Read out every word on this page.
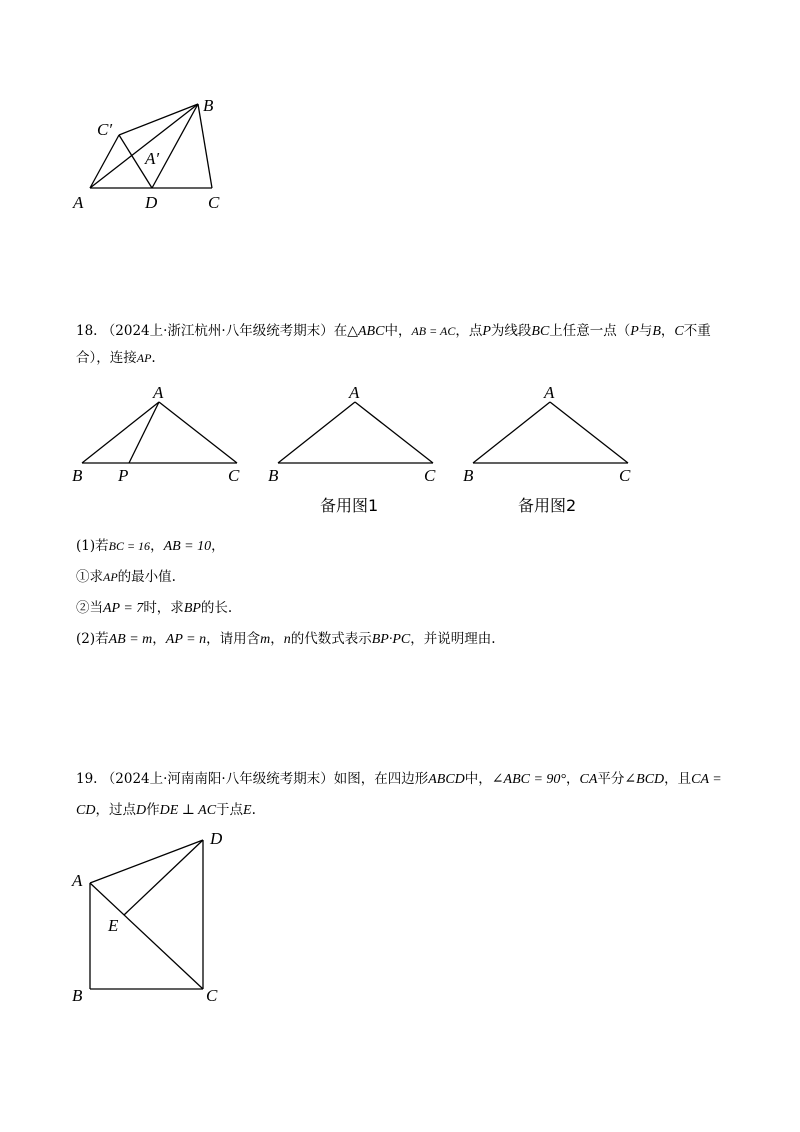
A
B
C
D
C′
A′

18. （2024上·浙江杭州·八年级统考期末）在△ABC中，AB = AC，点P为线段BC上任意一点（P与B，C不重合），连接AP.

A
B P	C
A
B	C
备用图1
A
B	C
备用图2

(1)若BC = 16，AB = 10，

①求AP的最小值.

②当AP = 7时，求BP的长.

(2)若AB = m，AP = n，请用含m，n的代数式表示BP·PC，并说明理由.

19. （2024上·河南南阳·八年级统考期末）如图，在四边形ABCD中，∠ABC = 90°，CA平分∠BCD，且CA = CD，过点D作DE ⊥ AC于点E.

A
B	C
D
E
